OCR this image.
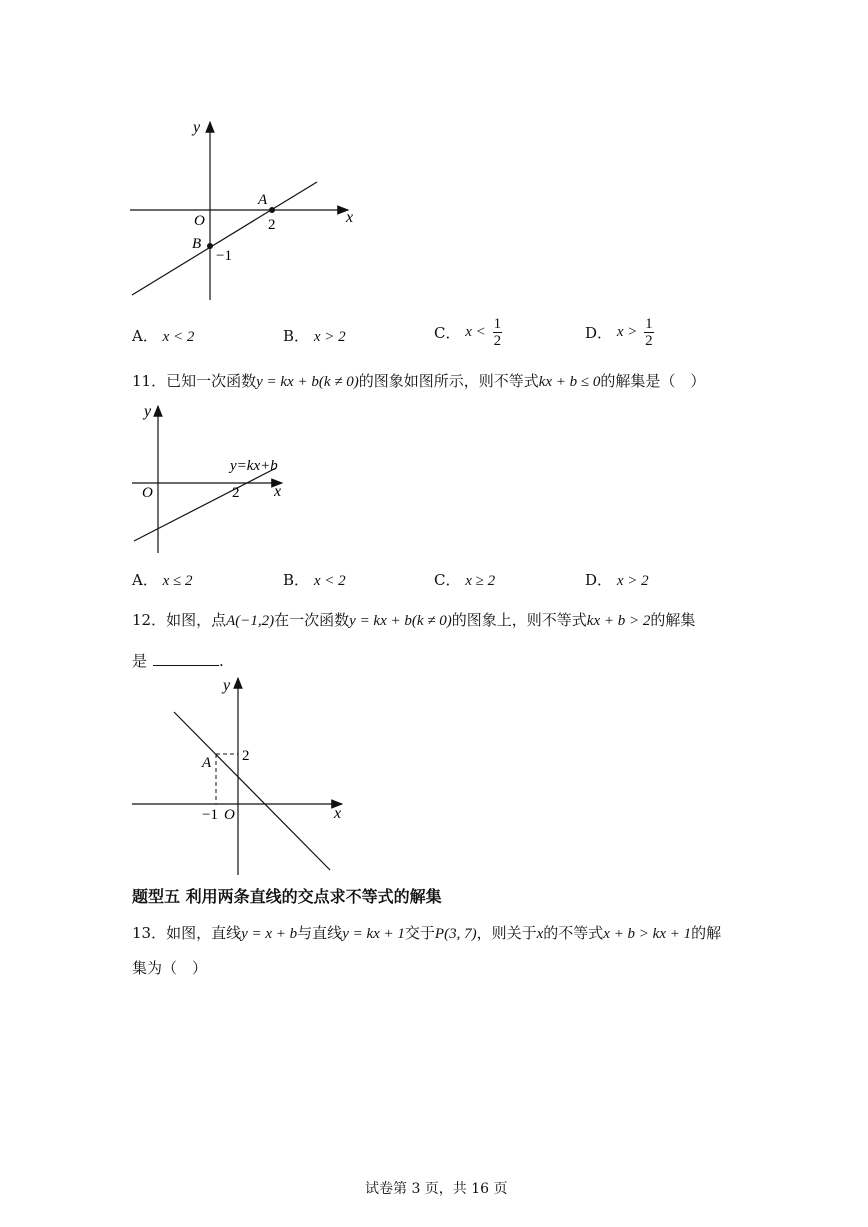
y
x
O
A
B
2
−1
A． x < 2	B． x > 2	C． $x < \frac{1}{2}$	D． $x > \frac{1}{2}$
11．已知一次函数y = kx + b(k ≠ 0)的图象如图所示，则不等式kx + b ≤ 0的解集是（　）
y
x
O	2
y=kx+b
A． x ≤ 2	B． x < 2	C． x ≥ 2	D． x > 2
12．如图，点A(−1,2)在一次函数y = kx + b(k ≠ 0)的图象上，则不等式kx + b > 2的解集
是	.
y
x
O
A 2
−1
题型五 利用两条直线的交点求不等式的解集
13．如图，直线y = x + b与直线y = kx + 1交于P(3, 7)，则关于x的不等式x + b > kx + 1的解
集为（　）
试卷第 3 页，共 16 页
